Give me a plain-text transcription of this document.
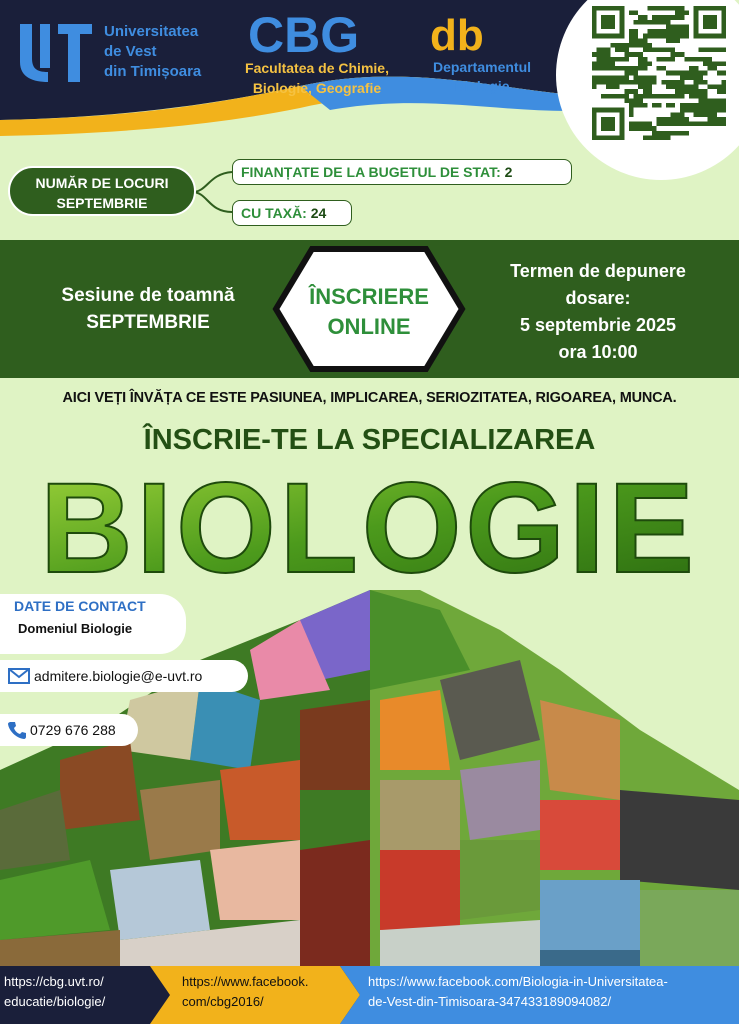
Universitatea
de Vest
din Timișoara
CBG
Facultatea de Chimie,
Biologie, Geografie
db
Departamentul
Biologie
NUMĂR DE LOCURI
SEPTEMBRIE
FINANȚATE DE LA BUGETUL DE STAT: 2
CU TAXĂ: 24
Sesiune de toamnă
SEPTEMBRIE
ÎNSCRIERE
ONLINE
Termen de depunere
dosare:
5 septembrie 2025
ora 10:00
AICI VEȚI ÎNVĂȚA CE ESTE PASIUNEA, IMPLICAREA, SERIOZITATEA, RIGOAREA, MUNCA.
ÎNSCRIE-TE LA SPECIALIZAREA
BIOLOGIE
DATE DE CONTACT
Domeniul Biologie
admitere.biologie@e-uvt.ro
0729 676 288
https://cbg.uvt.ro/
educatie/biologie/
https://www.facebook.
com/cbg2016/
https://www.facebook.com/Biologia-in-Universitatea-
de-Vest-din-Timisoara-347433189094082/
